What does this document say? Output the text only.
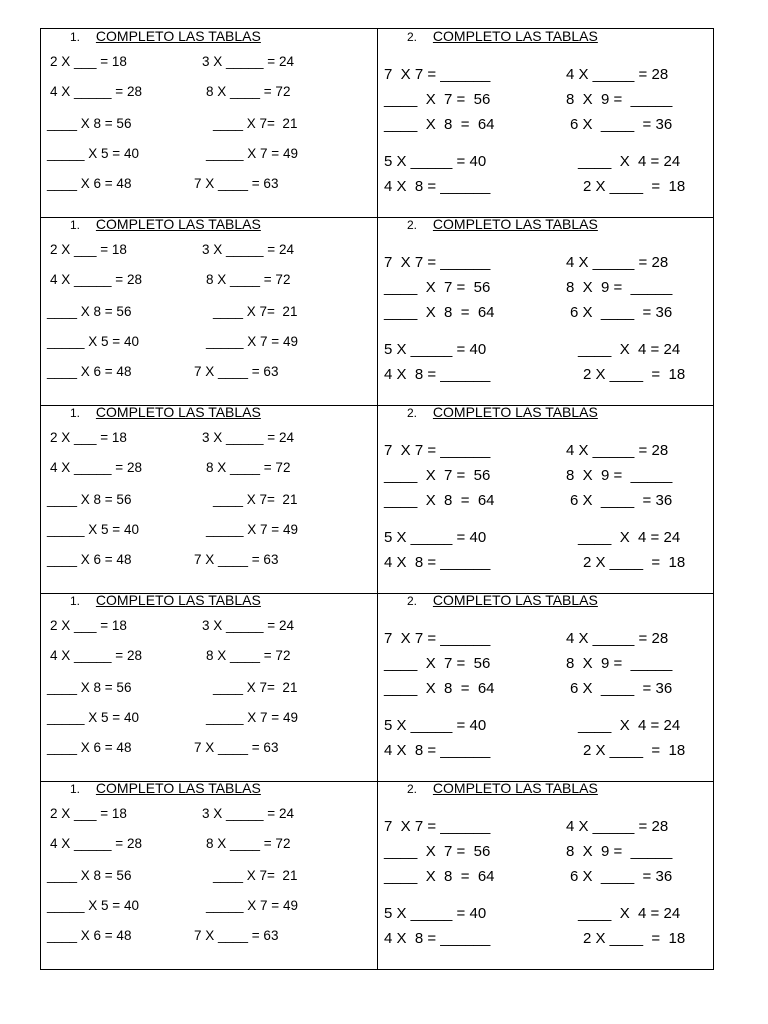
1. COMPLETO LAS TABLAS
2 X ___ = 18	3 X _____ = 24
4 X _____ = 28	8 X ____ = 72
____ X 8 = 56	____ X 7=  21
_____ X 5 = 40	_____ X 7 = 49
____ X 6 = 48	7 X ____ = 63
2. COMPLETO LAS TABLAS
7  X 7 = ______	4 X _____ = 28
____  X  7 =  56	8  X  9 =  _____
____  X  8  =  64	6 X  ____  = 36
5 X _____ = 40	____  X  4 = 24
4 X  8 = ______	2 X ____  =  18
1. COMPLETO LAS TABLAS
2 X ___ = 18	3 X _____ = 24
4 X _____ = 28	8 X ____ = 72
____ X 8 = 56	____ X 7=  21
_____ X 5 = 40	_____ X 7 = 49
____ X 6 = 48	7 X ____ = 63
2. COMPLETO LAS TABLAS
7  X 7 = ______	4 X _____ = 28
____  X  7 =  56	8  X  9 =  _____
____  X  8  =  64	6 X  ____  = 36
5 X _____ = 40	____  X  4 = 24
4 X  8 = ______	2 X ____  =  18
1. COMPLETO LAS TABLAS
2 X ___ = 18	3 X _____ = 24
4 X _____ = 28	8 X ____ = 72
____ X 8 = 56	____ X 7=  21
_____ X 5 = 40	_____ X 7 = 49
____ X 6 = 48	7 X ____ = 63
2. COMPLETO LAS TABLAS
7  X 7 = ______	4 X _____ = 28
____  X  7 =  56	8  X  9 =  _____
____  X  8  =  64	6 X  ____  = 36
5 X _____ = 40	____  X  4 = 24
4 X  8 = ______	2 X ____  =  18
1. COMPLETO LAS TABLAS
2 X ___ = 18	3 X _____ = 24
4 X _____ = 28	8 X ____ = 72
____ X 8 = 56	____ X 7=  21
_____ X 5 = 40	_____ X 7 = 49
____ X 6 = 48	7 X ____ = 63
2. COMPLETO LAS TABLAS
7  X 7 = ______	4 X _____ = 28
____  X  7 =  56	8  X  9 =  _____
____  X  8  =  64	6 X  ____  = 36
5 X _____ = 40	____  X  4 = 24
4 X  8 = ______	2 X ____  =  18
1. COMPLETO LAS TABLAS
2 X ___ = 18	3 X _____ = 24
4 X _____ = 28	8 X ____ = 72
____ X 8 = 56	____ X 7=  21
_____ X 5 = 40	_____ X 7 = 49
____ X 6 = 48	7 X ____ = 63
2. COMPLETO LAS TABLAS
7  X 7 = ______	4 X _____ = 28
____  X  7 =  56	8  X  9 =  _____
____  X  8  =  64	6 X  ____  = 36
5 X _____ = 40	____  X  4 = 24
4 X  8 = ______	2 X ____  =  18
